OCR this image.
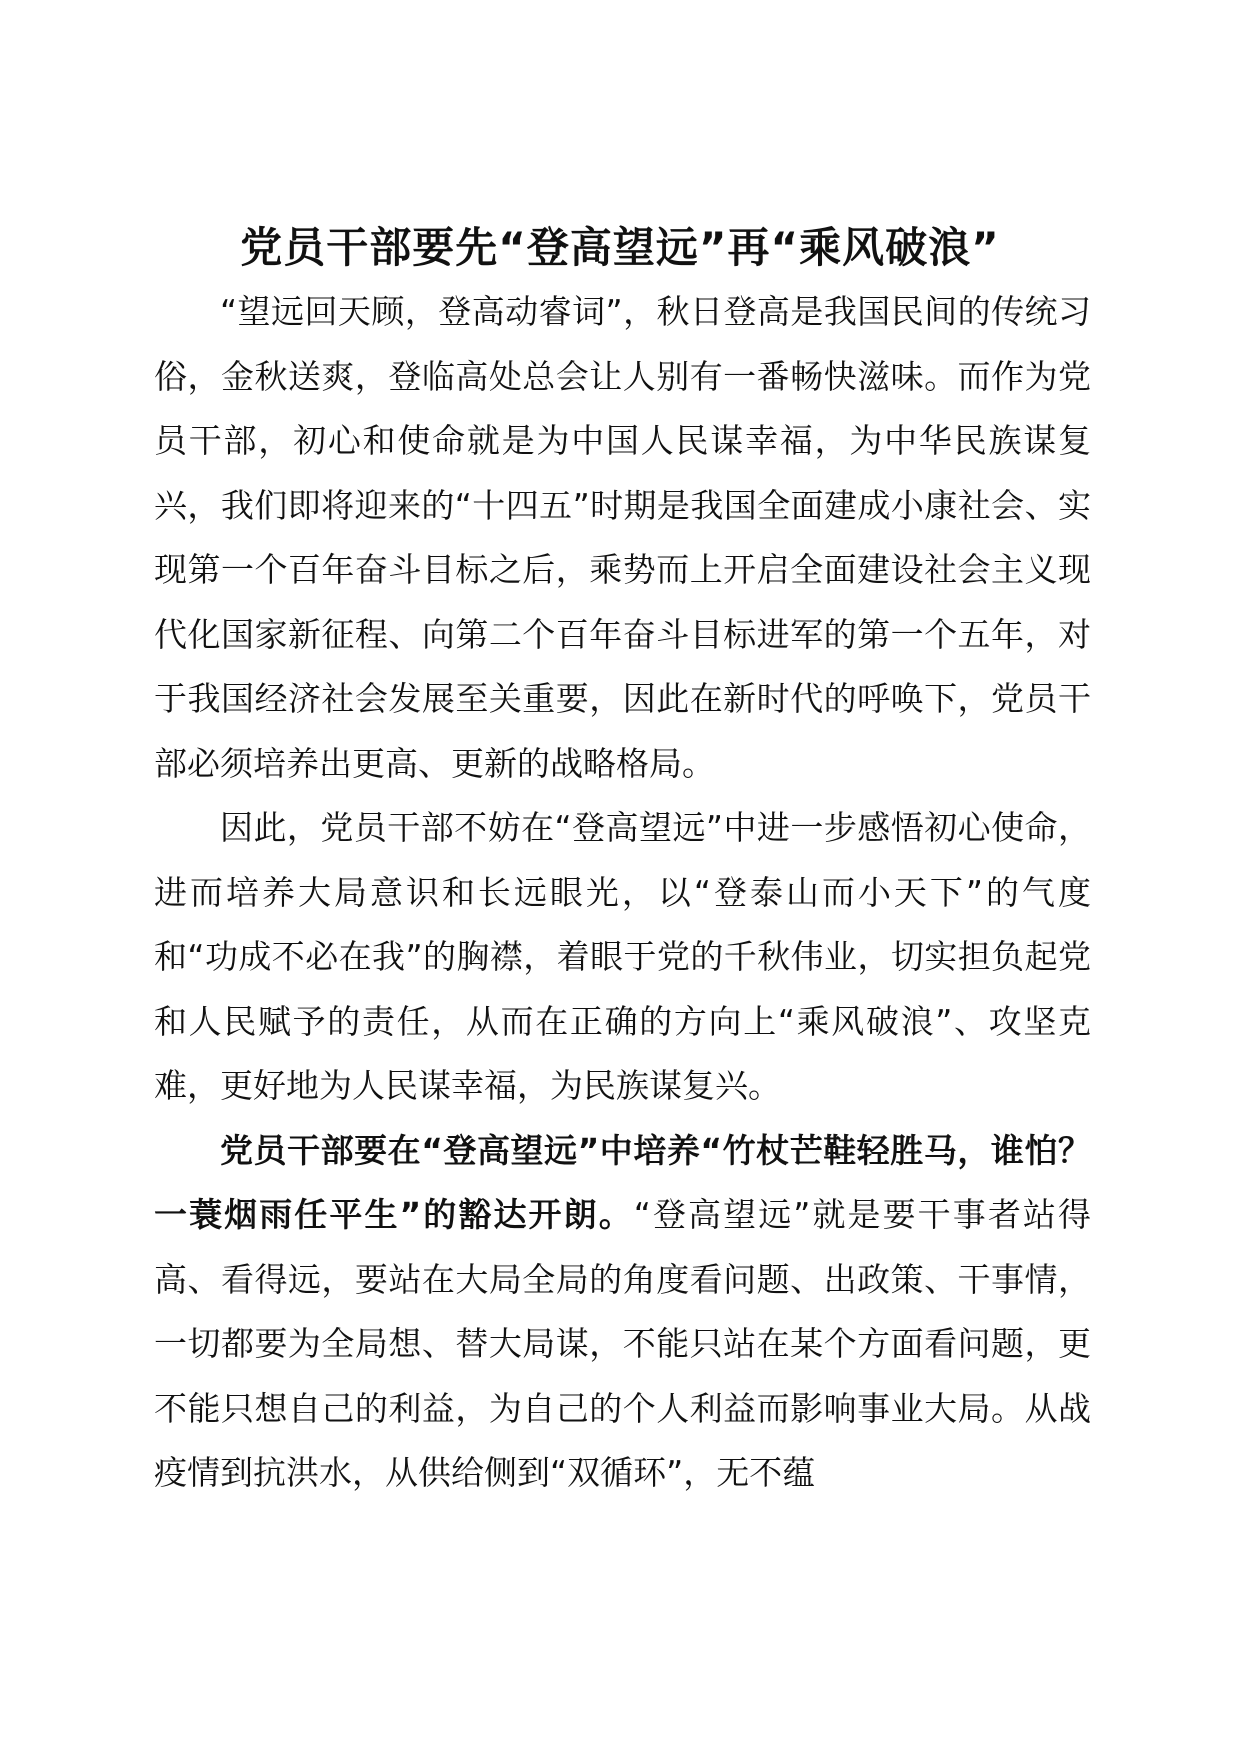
党员干部要先“登高望远”再“乘风破浪”

“望远回天顾，登高动睿词”，秋日登高是我国民间的传统习俗，金秋送爽，登临高处总会让人别有一番畅快滋味。而作为党员干部，初心和使命就是为中国人民谋幸福，为中华民族谋复兴，我们即将迎来的“十四五”时期是我国全面建成小康社会、实现第一个百年奋斗目标之后，乘势而上开启全面建设社会主义现代化国家新征程、向第二个百年奋斗目标进军的第一个五年，对于我国经济社会发展至关重要，因此在新时代的呼唤下，党员干部必须培养出更高、更新的战略格局。

因此，党员干部不妨在“登高望远”中进一步感悟初心使命，进而培养大局意识和长远眼光，以“登泰山而小天下”的气度和“功成不必在我”的胸襟，着眼于党的千秋伟业，切实担负起党和人民赋予的责任，从而在正确的方向上“乘风破浪”、攻坚克难，更好地为人民谋幸福，为民族谋复兴。

党员干部要在“登高望远”中培养“竹杖芒鞋轻胜马，谁怕？一蓑烟雨任平生”的豁达开朗。“登高望远”就是要干事者站得高、看得远，要站在大局全局的角度看问题、出政策、干事情，一切都要为全局想、替大局谋，不能只站在某个方面看问题，更不能只想自己的利益，为自己的个人利益而影响事业大局。从战疫情到抗洪水，从供给侧到“双循环”，无不蕴
